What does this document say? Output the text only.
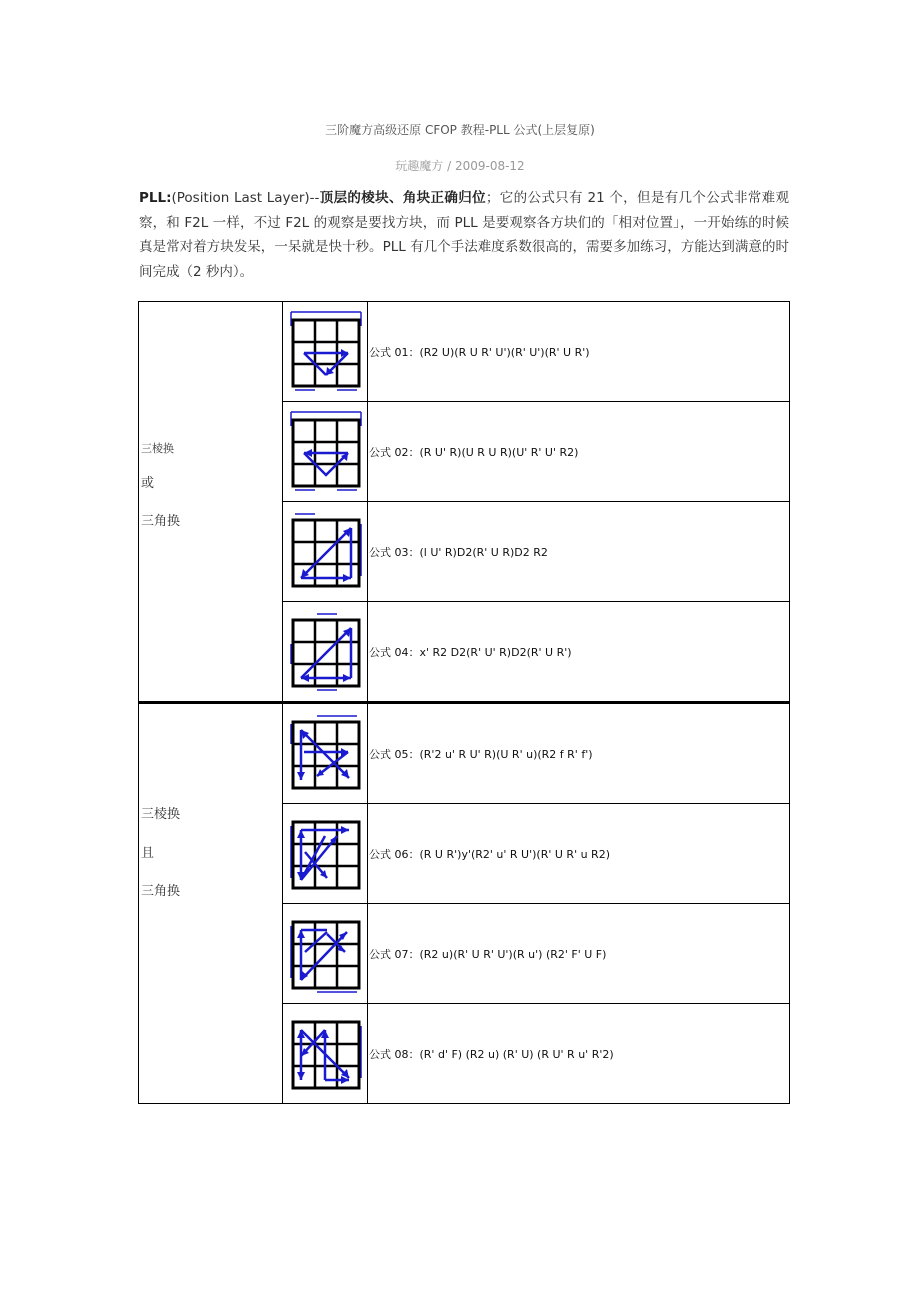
三阶魔方高级还原 CFOP 教程-PLL 公式(上层复原)
玩趣魔方 / 2009-08-12
PLL:(Position Last Layer)--顶层的棱块、角块正确归位；它的公式只有 21 个，但是有几个公式非常难观察，和 F2L 一样，不过 F2L 的观察是要找方块，而 PLL 是要观察各方块们的「相对位置」，一开始练的时候真是常对着方块发呆，一呆就是快十秒。PLL 有几个手法难度系数很高的，需要多加练习，方能达到满意的时间完成（2 秒内）。

三棱换

或

三角换		公式 01：(R2 U)(R U R' U')(R' U')(R' U R')

	公式 02：(R U' R)(U R U R)(U' R' U' R2)

	公式 03：(l U' R)D2(R' U R)D2 R2

	公式 04：x' R2 D2(R' U' R)D2(R' U R')

三棱换

且

三角换		公式 05：(R'2 u' R U' R)(U R' u)(R2 f R' f')

	公式 06：(R U R')y'(R2' u' R U')(R' U R' u R2)

	公式 07：(R2 u)(R' U R' U')(R u') (R2' F' U F)

	公式 08：(R' d' F) (R2 u) (R' U) (R U' R u' R'2)
